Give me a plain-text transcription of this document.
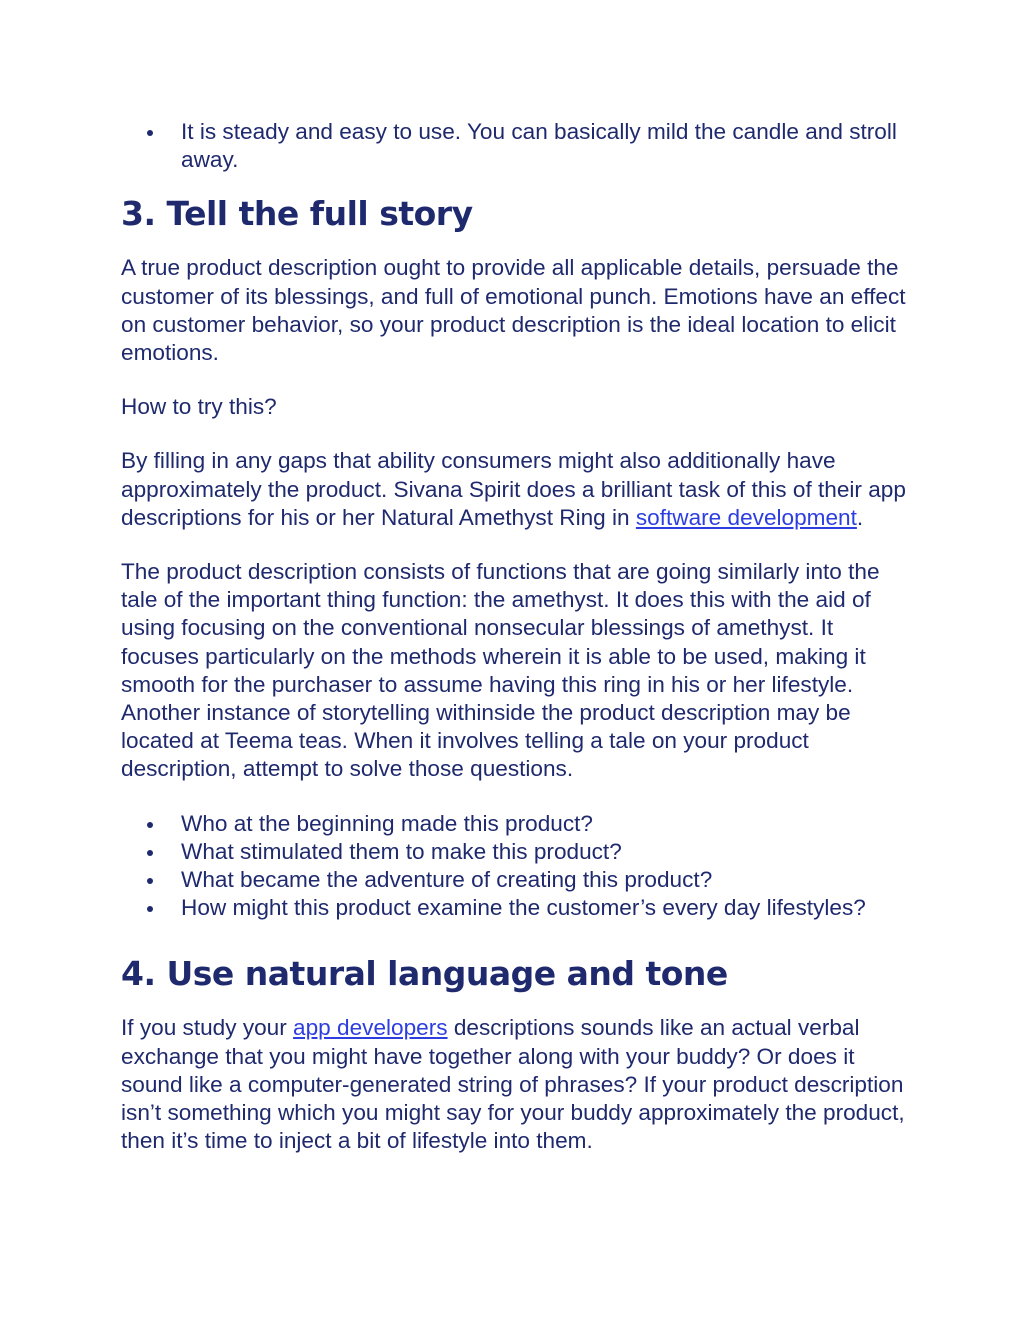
It is steady and easy to use. You can basically mild the candle and stroll away.
3. Tell the full story

A true product description ought to provide all applicable details, persuade the customer of its blessings, and full of emotional punch. Emotions have an effect on customer behavior, so your product description is the ideal location to elicit emotions.

How to try this?

By filling in any gaps that ability consumers might also additionally have approximately the product. Sivana Spirit does a brilliant task of this of their app descriptions for his or her Natural Amethyst Ring in software development.

The product description consists of functions that are going similarly into the tale of the important thing function: the amethyst. It does this with the aid of using focusing on the conventional nonsecular blessings of amethyst. It focuses particularly on the methods wherein it is able to be used, making it smooth for the purchaser to assume having this ring in his or her lifestyle. Another instance of storytelling withinside the product description may be located at Teema teas. When it involves telling a tale on your product description, attempt to solve those questions.

Who at the beginning made this product?
What stimulated them to make this product?
What became the adventure of creating this product?
How might this product examine the customer’s every day lifestyles?
4. Use natural language and tone

If you study your app developers descriptions sounds like an actual verbal exchange that you might have together along with your buddy? Or does it sound like a computer-generated string of phrases? If your product description isn’t something which you might say for your buddy approximately the product, then it’s time to inject a bit of lifestyle into them.
